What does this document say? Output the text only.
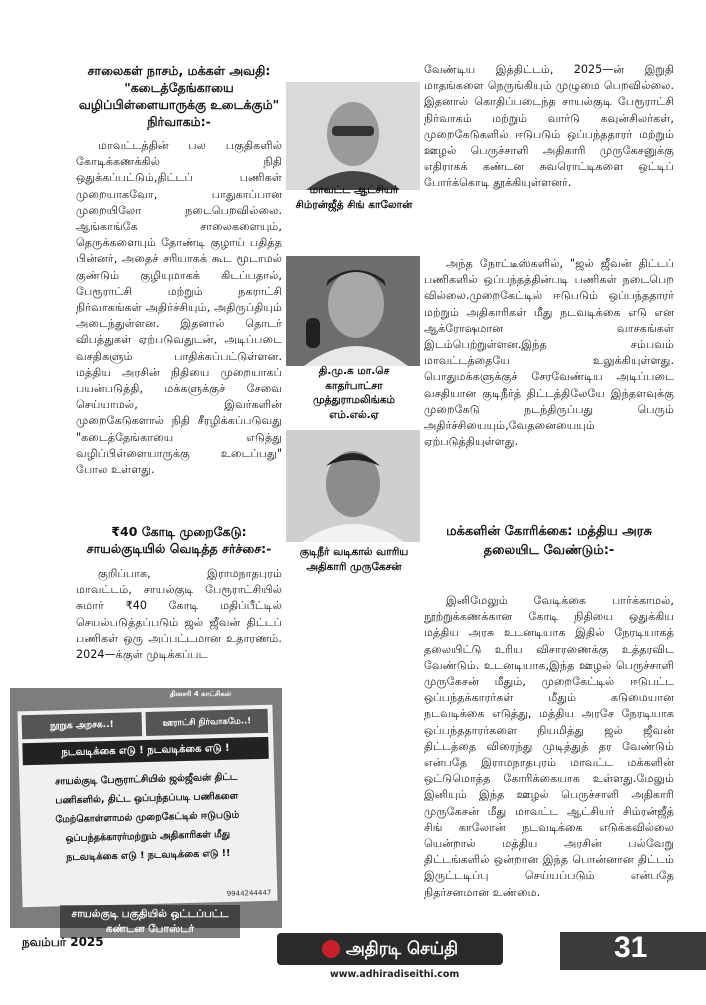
சாலைகள் நாசம், மக்கள் அவதி: "கடைத்தேங்காயை வழிப்பிள்ளையாருக்கு உடைக்கும்" நிர்வாகம்:-

மாவட்டத்தின் பல பகுதிகளில் கோடிக்கணக்கில் நிதி ஒதுக்கப்பட்டும்,திட்டப் பணிகள் முறையாகவோ, பாதுகாப்பான முறையிலோ நடைபெறவில்லை. ஆங்காங்கே சாலைகளையும், தெருக்களையும் தோண்டி குழாய் பதித்த பின்னர், அதைச் சரியாகக் கூட மூடாமல் குண்டும் குழியுமாகக் கிடப்பதால், பேரூராட்சி மற்றும் நகராட்சி நிர்வாகங்கள் அதிர்ச்சியும், அதிருப்தியும் அடைந்துள்ளன. இதனால் தொடர் விபத்துகள் ஏற்படுவதுடன், அடிப்படை வசதிகளும் பாதிக்கப்பட்டுள்ளன. மத்திய அரசின் நிதியை முறையாகப் பயன்படுத்தி, மக்களுக்குச் சேவை செய்யாமல், இவர்களின் முறைகேடுகளால் நிதி சீரழிக்கப்படுவது "கடைத்தேங்காயை எடுத்து வழிப்பிள்ளையாருக்கு உடைப்பது" போல உள்ளது.

₹40 கோடி முறைகேடு: சாயல்குடியில் வெடித்த சர்ச்சை:-

குறிப்பாக, இராமநாதபுரம் மாவட்டம், சாயல்குடி பேரூராட்சியில் சுமார் ₹40 கோடி மதிப்பீட்டில் செயல்படுத்தப்படும் ஜல் ஜீவன் திட்டப் பணிகள் ஒரு அப்பட்டமான உதாரணம். 2024—க்குள் முடிக்கப்பட

மாவட்ட ஆட்சியர் சிம்ரன்ஜீத் சிங் காலோன்
தி.மு.க மா.செ காதர்பாட்சா முத்துராமலிங்கம் எம்.எல்.ஏ
குடிநீர் வடிகால் வாரிய அதிகாரி முருகேசன்
நூறுக அறசக..!	ஊராட்சி நிர்வாகமே..!
நடவடிக்கை எடு ! நடவடிக்கை எடு !
சாயல்குடி பேரூராட்சியில் ஜல்ஜீவன் திட்ட
பணிகளில், திட்ட ஒப்பந்தப்படி பணிகளை
மேற்கொள்ளாமல் முறைகேட்டில் ஈடுபடும்
ஒப்பந்தக்காரர்மற்றும் அதிகாரிகள் மீது
நடவடிக்கை எடு ! நடவடிக்கை எடு !!
9944244447
தினசரி 4 காட்சிகள்
சாயல்குடி பகுதியில் ஒட்டப்பட்ட கண்டன போஸ்டர்

வேண்டிய இத்திட்டம், 2025—ன் இறுதி மாதங்களை நெருங்கியும் முழுமை பெறவில்லை. இதனால் கொதிப்படைந்த சாயல்குடி பேரூராட்சி நிர்வாகம் மற்றும் வார்டு கவுன்சிலர்கள், முறைகேடுகளில் ஈடுபடும் ஒப்பந்ததாரர் மற்றும் ஊழல் பெருச்சாளி அதிகாரி முருகேசனுக்கு எதிராகக் கண்டன சுவரொட்டிகளை ஒட்டிப் போர்க்கொடி தூக்கியுள்ளனர்.

அந்த நோட்டீஸ்களில், "ஜல் ஜீவன் திட்டப் பணிகளில் ஒப்பந்தத்தின்படி பணிகள் நடைபெற வில்லை.முறைகேட்டில் ஈடுபடும் ஒப்பந்ததாரர் மற்றும் அதிகாரிகள் மீது நடவடிக்கை எடு என ஆக்ரோஷமான வாசகங்கள் இடம்பெற்றுள்ளன.இந்த சம்பவம் மாவட்டத்தையே உலுக்கியுள்ளது. பொதுமக்களுக்குச் சேரவேண்டிய அடிப்படை வசதியான குடிநீர்த் திட்டத்திலேயே இந்தளவுக்கு முறைகேடு நடந்திருப்பது பெரும் அதிர்ச்சியையும்,வேதனையையும் ஏற்படுத்தியுள்ளது.

மக்களின் கோரிக்கை: மத்திய அரசு தலையிட வேண்டும்:-

இனிமேலும் வேடிக்கை பார்க்காமல், நூற்றுக்கணக்கான கோடி நிதியை ஒதுக்கிய மத்திய அரசு உடனடியாக இதில் நேரடியாகத் தலையிட்டு உரிய விசாரணைக்கு உத்தரவிட வேண்டும். உடனடியாக,இந்த ஊழல் பெருச்சாளி முருகேசன் மீதும், முறைகேட்டில் ஈடுபட்ட ஒப்பந்தக்காரர்கள் மீதும் கடுமையான நடவடிக்கை எடுத்து, மத்திய அரசே நேரடியாக ஒப்பந்ததாரர்களை நியமித்து ஜல் ஜீவன் திட்டத்தை விரைந்து முடித்துத் தர வேண்டும் என்பதே இராமநாதபுரம் மாவட்ட மக்களின் ஒட்டுமொத்த கோரிக்கையாக உள்ளது.மேலும் இனியும் இந்த ஊழல் பெருச்சாளி அதிகாரி முருகேசன் மீது மாவட்ட ஆட்சியர் சிம்ரன்ஜீத் சிங் காலோன் நடவடிக்கை எடுக்கவில்லை யென்றால் மத்திய அரசின் பல்வேறு திட்டங்களில் ஒன்றான இந்த பொன்னான திட்டம் இருட்டடிப்பு செய்யப்படும் என்பதே நிதர்சனமான உண்மை.

நவம்பர் 2025	அதிரடி செய்தி
www.adhiradiseithi.com
31
